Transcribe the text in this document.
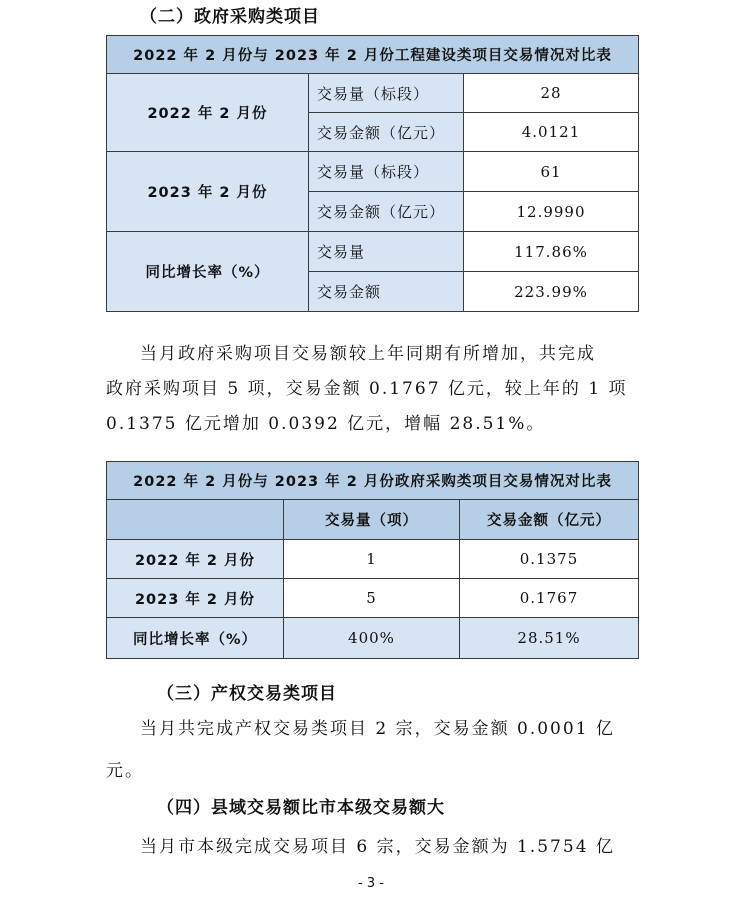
（二）政府采购类项目
2022 年 2 月份与 2023 年 2 月份工程建设类项目交易情况对比表		
2022 年 2 月份	交易量（标段）	28
	交易金额（亿元）	4.0121
2023 年 2 月份	交易量（标段）	61
	交易金额（亿元）	12.9990
同比增长率（%）	交易量	117.86%
	交易金额	223.99%
当月政府采购项目交易额较上年同期有所增加，共完成
政府采购项目 5 项，交易金额 0.1767 亿元，较上年的 1 项
0.1375 亿元增加 0.0392 亿元，增幅 28.51%。
2022 年 2 月份与 2023 年 2 月份政府采购类项目交易情况对比表		
	交易量（项）	交易金额（亿元）
2022 年 2 月份	1	0.1375
2023 年 2 月份	5	0.1767
同比增长率（%）	400%	28.51%
（三）产权交易类项目
当月共完成产权交易类项目 2 宗，交易金额 0.0001 亿
元。
（四）县域交易额比市本级交易额大
当月市本级完成交易项目 6 宗，交易金额为 1.5754 亿
- 3 -
